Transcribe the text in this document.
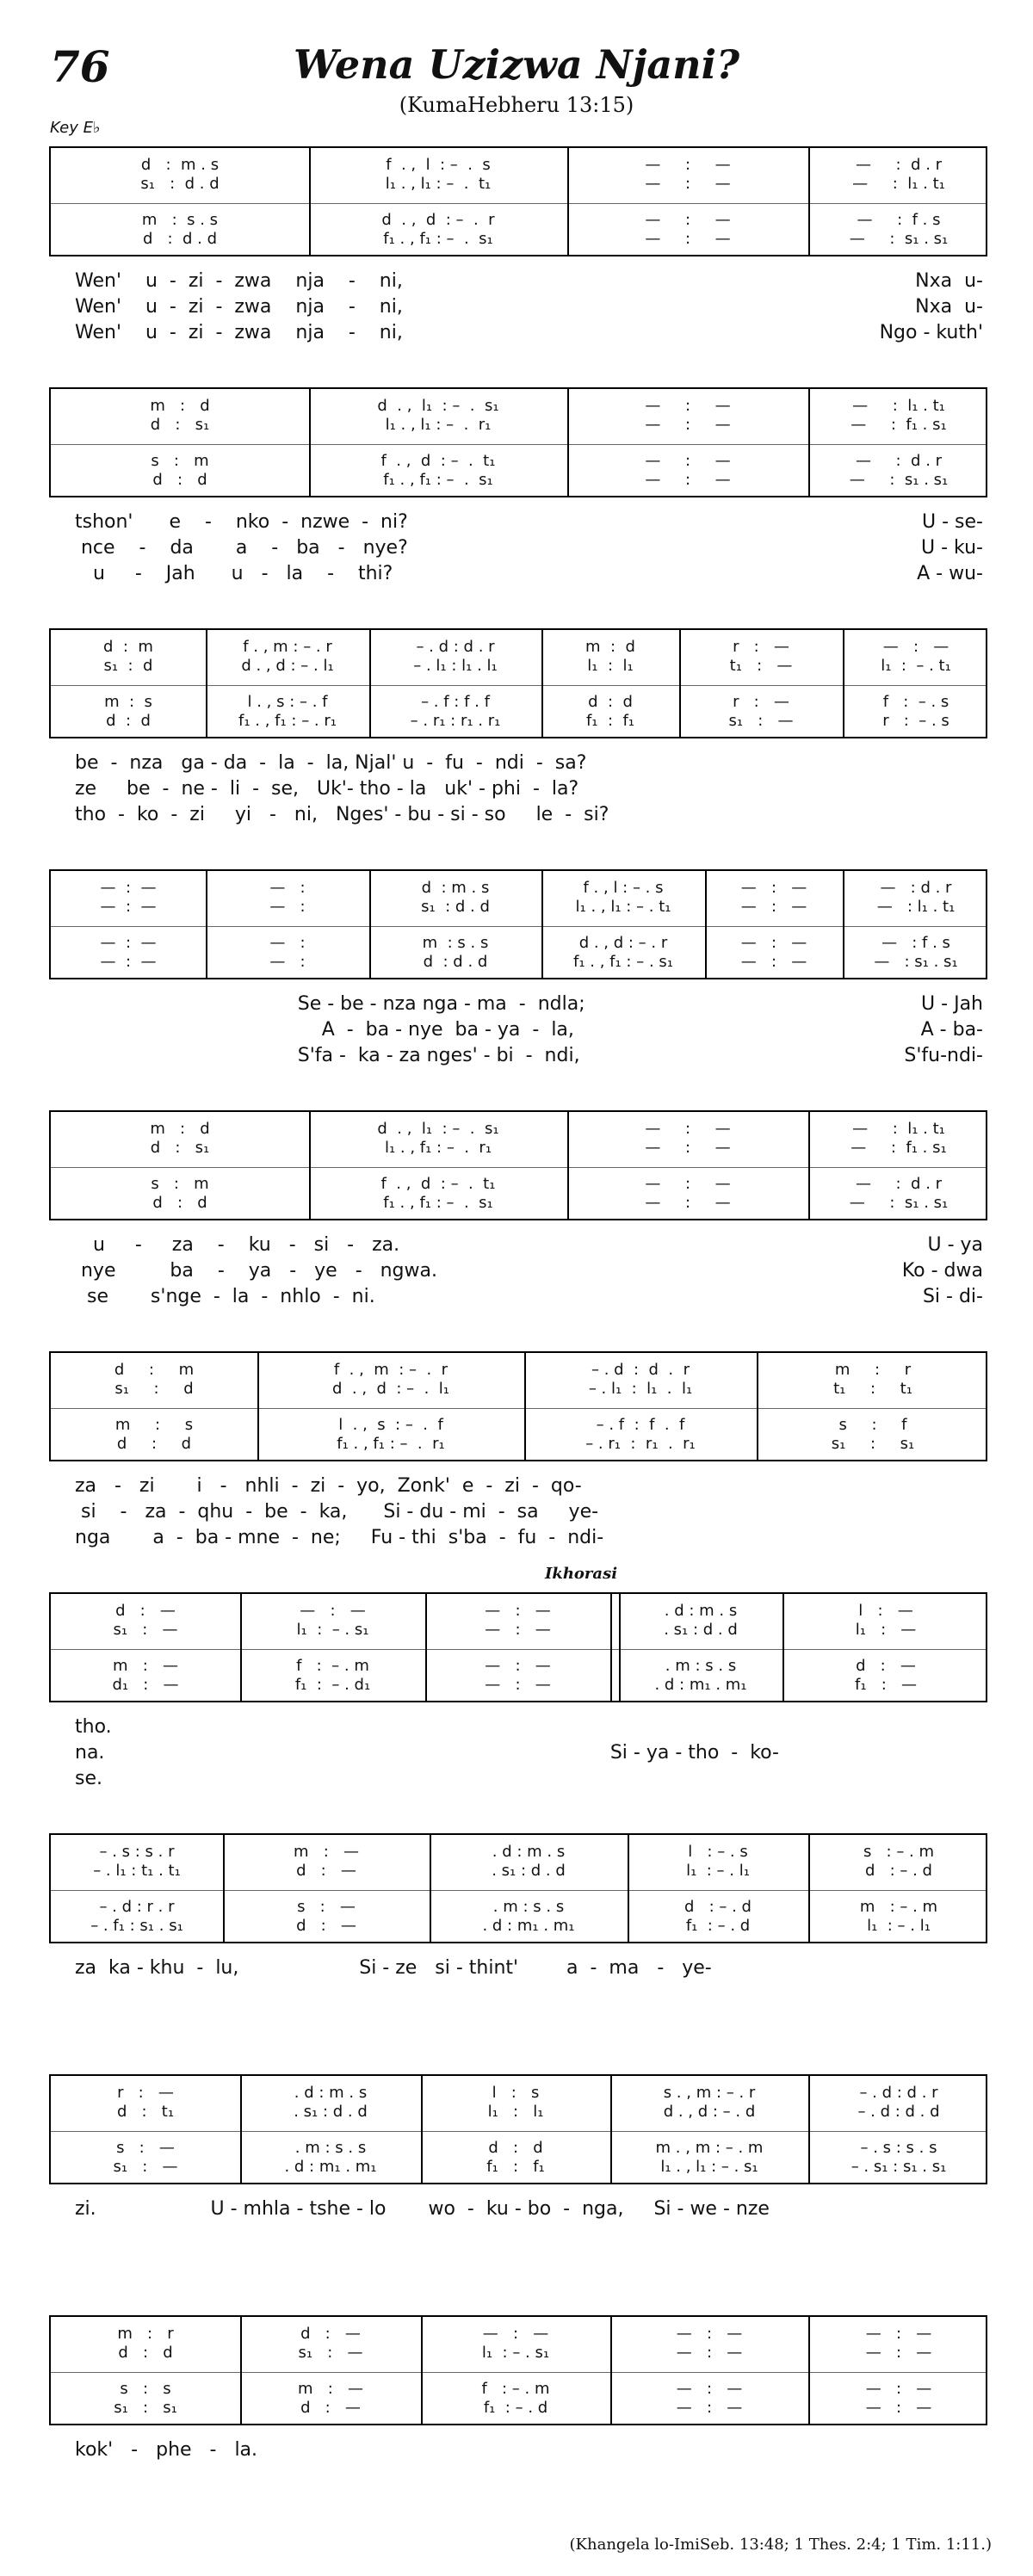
76	Wena Uzizwa Njani?
(KumaHebheru 13:15)
Key E♭
Ikhorasi
(Khangela lo-ImiSeb. 13:48; 1 Thes. 2:4; 1 Tim. 1:11.)
d   :  m . s	f  . ,  l  : –  .  s	—     :     —	—     :  d . r
s₁   :  d . d	l₁ . , l₁ : –  .  t₁	—     :     —	—     :  l₁ . t₁
m   :  s . s	d  . ,  d  : –  .  r	—     :     —	—     :  f . s
d   :  d . d	f₁ . , f₁ : –  .  s₁	—     :     —	—     :  s₁ . s₁
m   :   d	d  . ,  l₁  : –  .  s₁	—     :     —	—     :  l₁ . t₁
d   :   s₁	l₁ . , l₁ : –  .  r₁	—     :     —	—     :  f₁ . s₁
s   :   m	f  . ,  d  : –  .  t₁	—     :     —	—     :  d . r
d   :   d	f₁ . , f₁ : –  .  s₁	—     :     —	—     :  s₁ . s₁
d  :  m	f . , m : – . r	– . d : d . r	m  :  d	r   :   —	—   :   —
s₁  :  d	d . , d : – . l₁	– . l₁ : l₁ . l₁	l₁  :  l₁	t₁   :   —	l₁  :  – . t₁
m  :  s	l . , s : – . f	– . f : f . f	d  :  d	r   :   —	f   :  – . s
d  :  d	f₁ . , f₁ : – . r₁	– . r₁ : r₁ . r₁	f₁  :  f₁	s₁   :   —	r   :  – . s
—  :  —	—   :	d  : m . s	f . , l : – . s	—   :   —	—   : d . r
—  :  —	—   :	s₁  : d . d	l₁ . , l₁ : – . t₁	—   :   —	—   : l₁ . t₁
—  :  —	—   :	m  : s . s	d . , d : – . r	—   :   —	—   : f . s
—  :  —	—   :	d  : d . d	f₁ . , f₁ : – . s₁	—   :   —	—   : s₁ . s₁
m   :   d	d  . ,  l₁  : –  .  s₁	—     :     —	—     :  l₁ . t₁
d   :   s₁	l₁ . , f₁ : –  .  r₁	—     :     —	—     :  f₁ . s₁
s   :   m	f  . ,  d  : –  .  t₁	—     :     —	—     :  d . r
d   :   d	f₁ . , f₁ : –  .  s₁	—     :     —	—     :  s₁ . s₁
d     :     m	f  . ,  m  : –  .  r	– . d  :  d  .  r	m     :     r
s₁     :     d	d  . ,  d  : –  .  l₁	– . l₁  :  l₁  .  l₁	t₁     :     t₁
m     :     s	l  . ,  s  : –  .  f	– . f  :  f  .  f	s     :     f
d     :     d	f₁ . , f₁ : –  .  r₁	– . r₁  :  r₁  .  r₁	s₁     :     s₁
d   :   —	—   :   —	—   :   —	. d : m . s	l   :   —
s₁   :   —	l₁  :  – . s₁	—   :   —	. s₁ : d . d	l₁   :   —
m   :   —	f   :  – . m	—   :   —	. m : s . s	d   :   —
d₁   :   —	f₁  :  – . d₁	—   :   —	. d : m₁ . m₁	f₁   :   —
– . s : s . r	m   :   —	. d : m . s	l   : – . s	s   : – . m
– . l₁ : t₁ . t₁	d   :   —	. s₁ : d . d	l₁  : – . l₁	d   : – . d
– . d : r . r	s   :   —	. m : s . s	d   : – . d	m   : – . m
– . f₁ : s₁ . s₁	d   :   —	. d : m₁ . m₁	f₁  : – . d	l₁  : – . l₁
r   :   —	. d : m . s	l   :   s	s . , m : – . r	– . d : d . r
d   :   t₁	. s₁ : d . d	l₁   :   l₁	d . , d : – . d	– . d : d . d
s   :   —	. m : s . s	d   :   d	m . , m : – . m	– . s : s . s
s₁   :   —	. d : m₁ . m₁	f₁   :   f₁	l₁ . , l₁ : – . s₁	– . s₁ : s₁ . s₁
m   :   r	d   :   —	—   :   —	—   :   —	—   :   —
d   :   d	s₁   :   —	l₁  : – . s₁	—   :   —	—   :   —
s   :   s	m   :   —	f   : – . m	—   :   —	—   :   —
s₁   :   s₁	d   :   —	f₁  : – . d	—   :   —	—   :   —
Wen'    u  -  zi  -  zwa    nja    -    ni,	Nxa  u-
Wen'    u  -  zi  -  zwa    nja    -    ni,	Nxa  u-
Wen'    u  -  zi  -  zwa    nja    -    ni,	Ngo - kuth'
tshon'      e    -    nko  -  nzwe  -  ni?	U - se-
nce    -    da       a    -   ba   -   nye?	U - ku-
u     -    Jah      u   -   la    -    thi?	A - wu-
be  -  nza   ga - da  -  la  -  la, Njal' u  -  fu  -  ndi  -  sa?
ze     be  -  ne -  li  -  se,   Uk'- tho - la   uk' - phi  -  la?
tho  -  ko  -  zi     yi   -   ni,   Nges' - bu - si - so     le  -  si?
Se - be - nza nga - ma  -  ndla;	U - Jah
A  -  ba - nye  ba - ya  -  la,	A - ba-
S'fa -  ka - za nges' - bi  -  ndi,	S'fu-ndi-
u     -     za    -    ku   -   si   -   za.	U - ya
nye         ba    -    ya   -   ye   -   ngwa.	Ko - dwa
se       s'nge  -  la  -  nhlo  -  ni.	Si - di-
za   -   zi       i   -   nhli  -  zi  -  yo,  Zonk'  e  -  zi  -  qo-
si    -   za  -  qhu  -  be  -  ka,      Si - du - mi  -  sa     ye-
nga       a  -  ba - mne  -  ne;     Fu - thi  s'ba  -  fu  -  ndi-
tho.
na.                                                                                    Si - ya - tho  -  ko-
se.
za  ka - khu  -  lu,                    Si - ze   si - thint'        a  -  ma   -   ye-
zi.                   U - mhla - tshe - lo       wo  -  ku - bo  -  nga,     Si - we - nze
kok'   -   phe   -   la.
